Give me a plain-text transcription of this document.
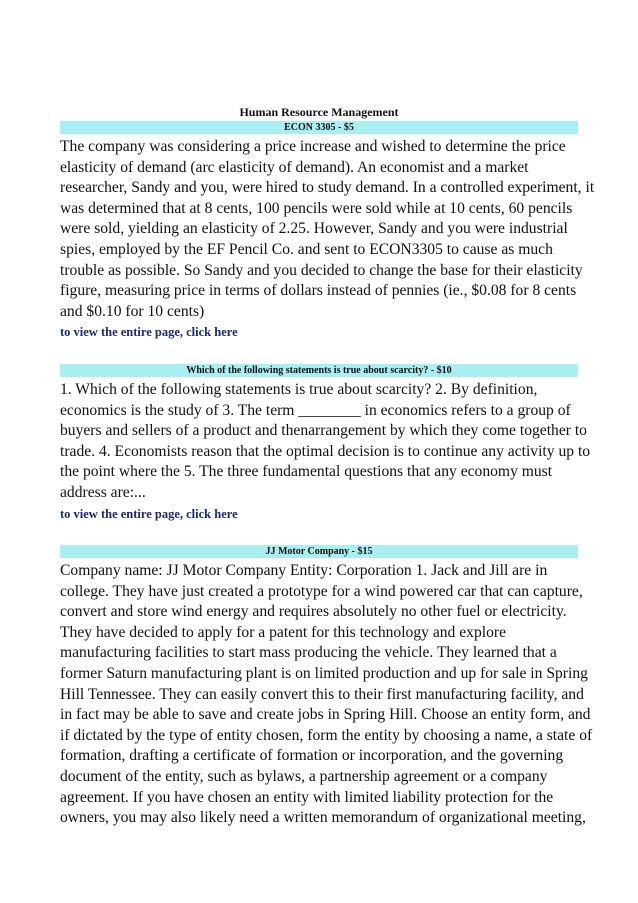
Human Resource Management
ECON 3305 - $5
The company was considering a price increase and wished to determine the price
elasticity of demand (arc elasticity of demand). An economist and a market
researcher, Sandy and you, were hired to study demand. In a controlled experiment, it
was determined that at 8 cents, 100 pencils were sold while at 10 cents, 60 pencils
were sold, yielding an elasticity of 2.25. However, Sandy and you were industrial
spies, employed by the EF Pencil Co. and sent to ECON3305 to cause as much
trouble as possible. So Sandy and you decided to change the base for their elasticity
figure, measuring price in terms of dollars instead of pennies (ie., $0.08 for 8 cents
and $0.10 for 10 cents)
to view the entire page, click here
Which of the following statements is true about scarcity? - $10
1. Which of the following statements is true about scarcity? 2. By definition,
economics is the study of 3. The term ________ in economics refers to a group of
buyers and sellers of a product and thenarrangement by which they come together to
trade. 4. Economists reason that the optimal decision is to continue any activity up to
the point where the 5. The three fundamental questions that any economy must
address are:...
to view the entire page, click here
JJ Motor Company - $15
Company name: JJ Motor Company Entity: Corporation 1. Jack and Jill are in
college. They have just created a prototype for a wind powered car that can capture,
convert and store wind energy and requires absolutely no other fuel or electricity.
They have decided to apply for a patent for this technology and explore
manufacturing facilities to start mass producing the vehicle. They learned that a
former Saturn manufacturing plant is on limited production and up for sale in Spring
Hill Tennessee. They can easily convert this to their first manufacturing facility, and
in fact may be able to save and create jobs in Spring Hill. Choose an entity form, and
if dictated by the type of entity chosen, form the entity by choosing a name, a state of
formation, drafting a certificate of formation or incorporation, and the governing
document of the entity, such as bylaws, a partnership agreement or a company
agreement. If you have chosen an entity with limited liability protection for the
owners, you may also likely need a written memorandum of organizational meeting,
